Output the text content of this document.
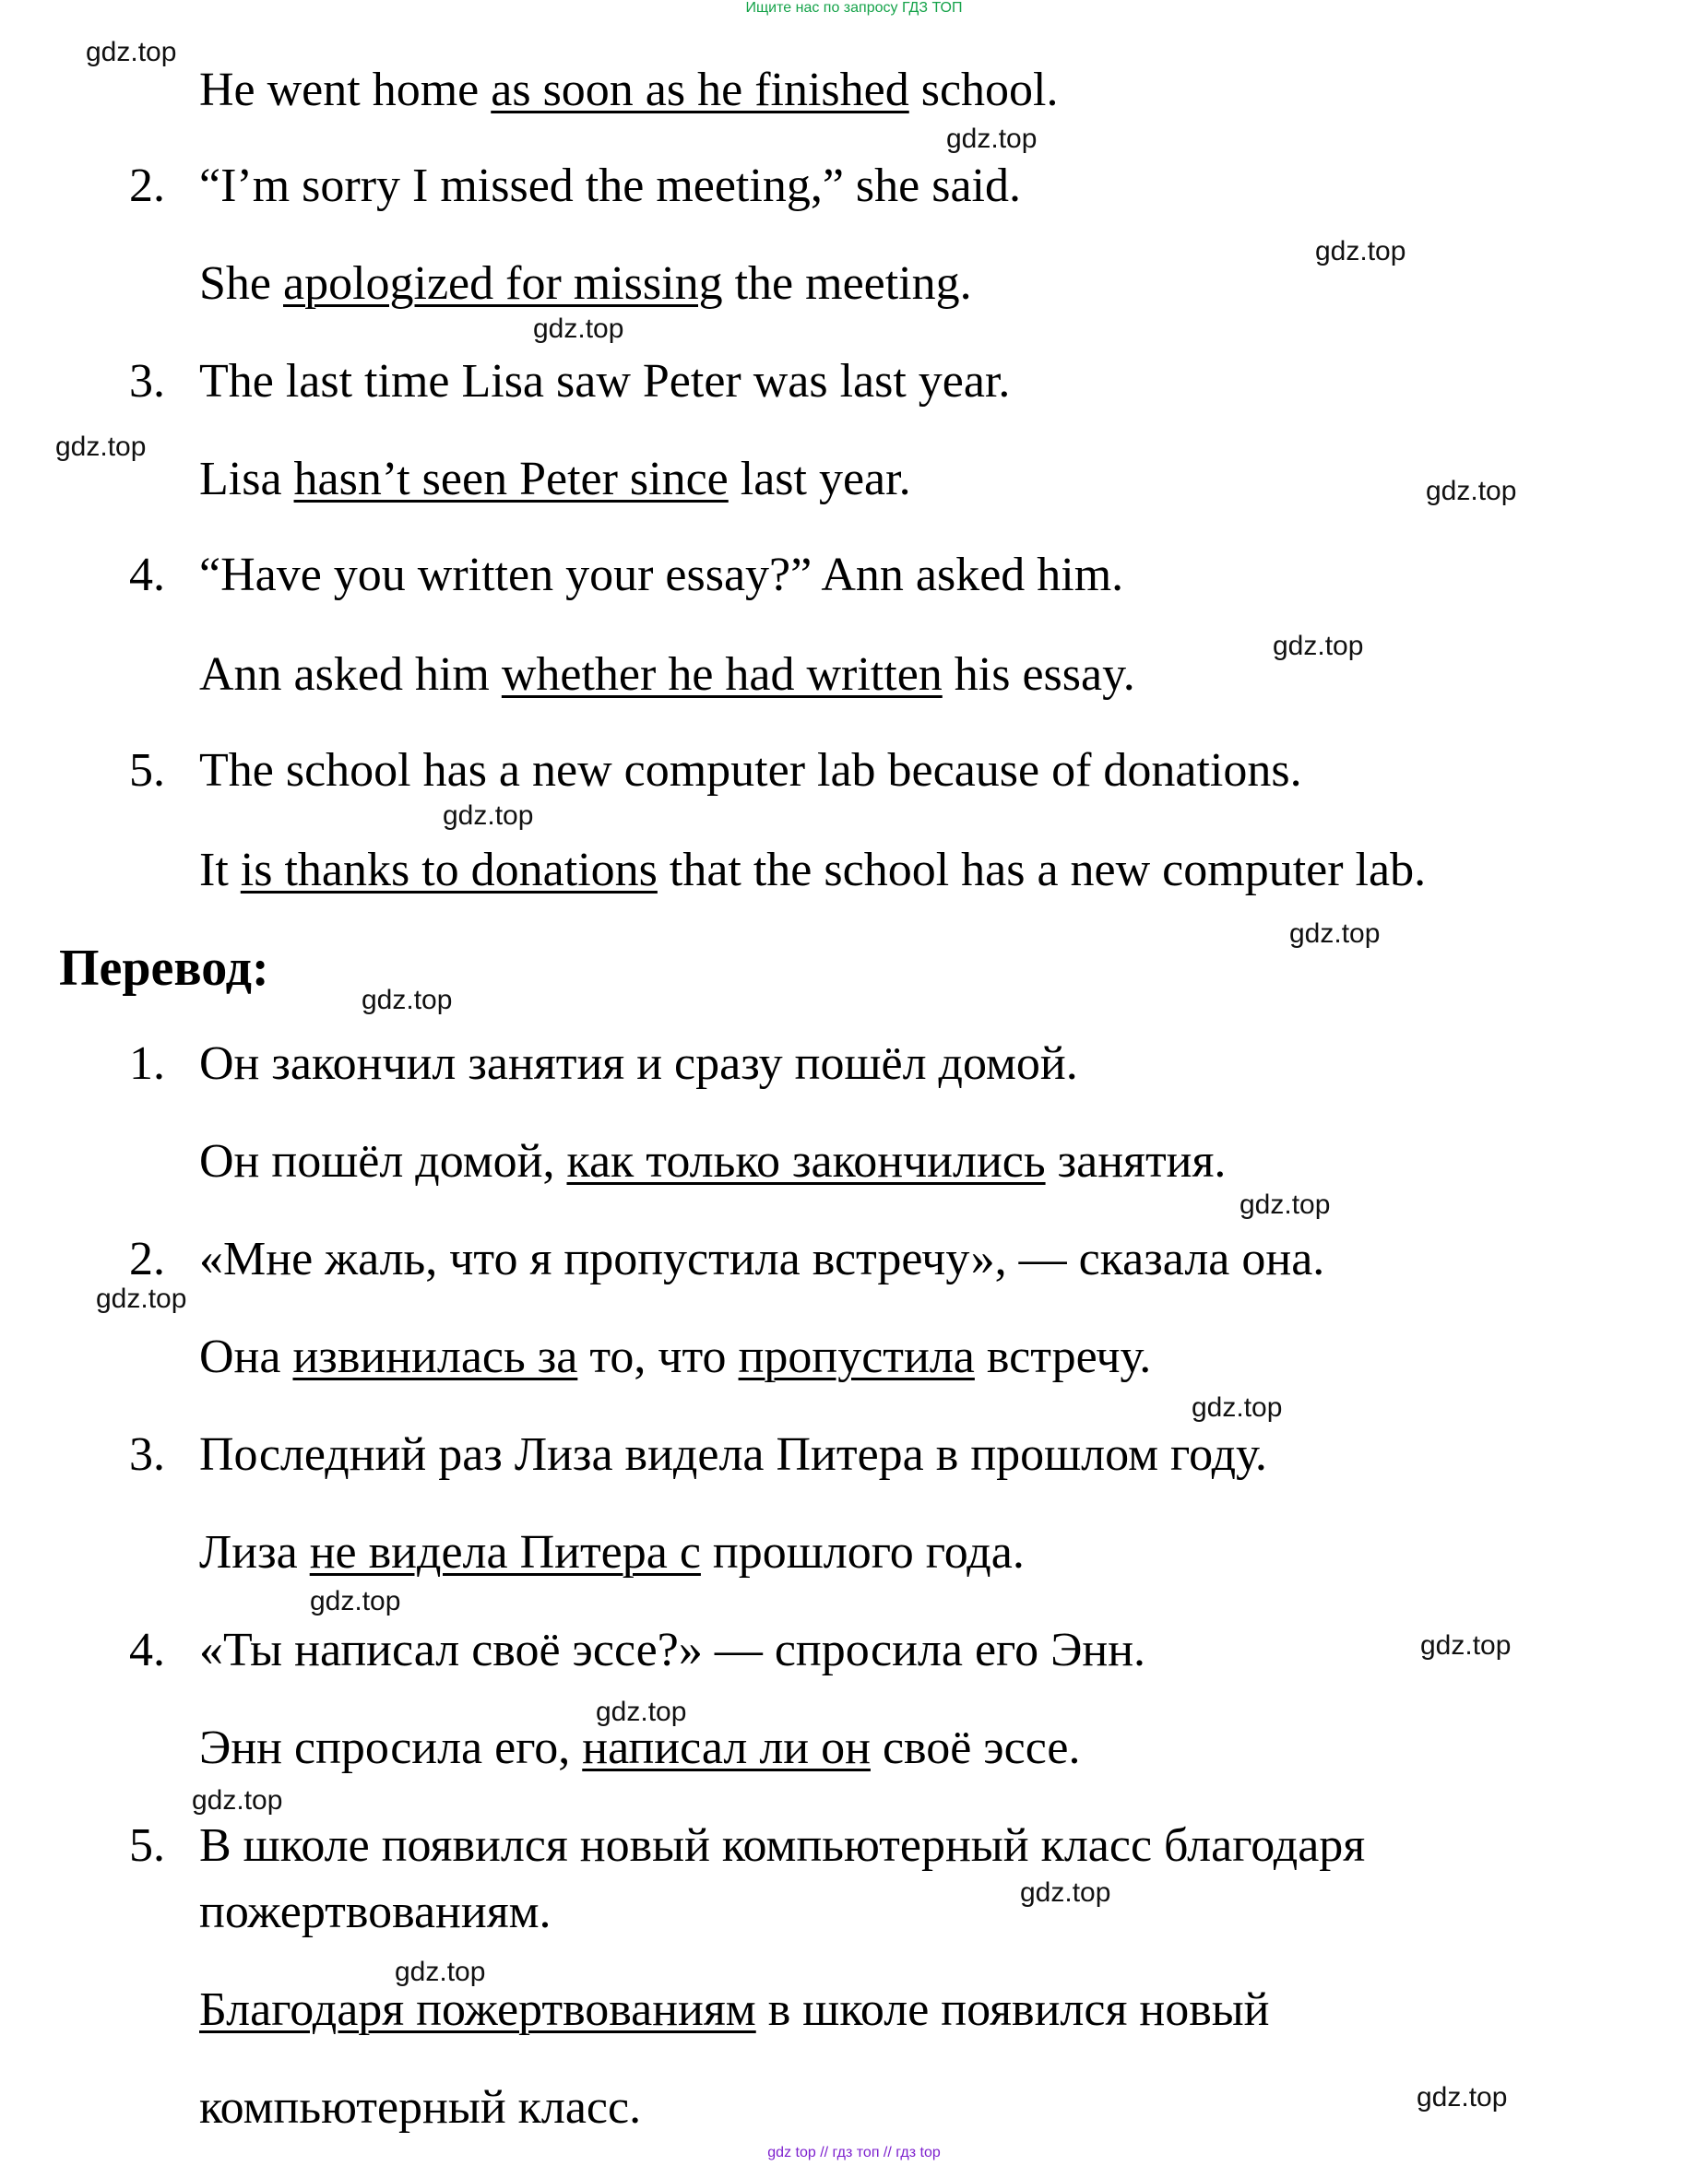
Ищите нас по запросу ГДЗ ТОП
gdz.top
gdz.top
gdz.top
gdz.top
gdz.top
gdz.top
gdz.top
gdz.top
gdz.top
gdz.top
gdz.top
gdz.top
gdz.top
gdz.top
gdz.top
gdz.top
gdz.top
gdz.top
gdz.top
gdz.top
He went home as soon as he finished school.
2. “I’m sorry I missed the meeting,” she said.
She apologized for missing the meeting.
3. The last time Lisa saw Peter was last year.
Lisa hasn’t seen Peter since last year.
4. “Have you written your essay?” Ann asked him.
Ann asked him whether he had written his essay.
5. The school has a new computer lab because of donations.
It is thanks to donations that the school has a new computer lab.
Перевод:
1. Он закончил занятия и сразу пошёл домой.
Он пошёл домой, как только закончились занятия.
2. «Мне жаль, что я пропустила встречу», — сказала она.
Она извинилась за то, что пропустила встречу.
3. Последний раз Лиза видела Питера в прошлом году.
Лиза не видела Питера с прошлого года.
4. «Ты написал своё эссе?» — спросила его Энн.
Энн спросила его, написал ли он своё эссе.
5. В школе появился новый компьютерный класс благодаря
пожертвованиям.
Благодаря пожертвованиям в школе появился новый
компьютерный класс.
gdz top // гдз топ // гдз top
